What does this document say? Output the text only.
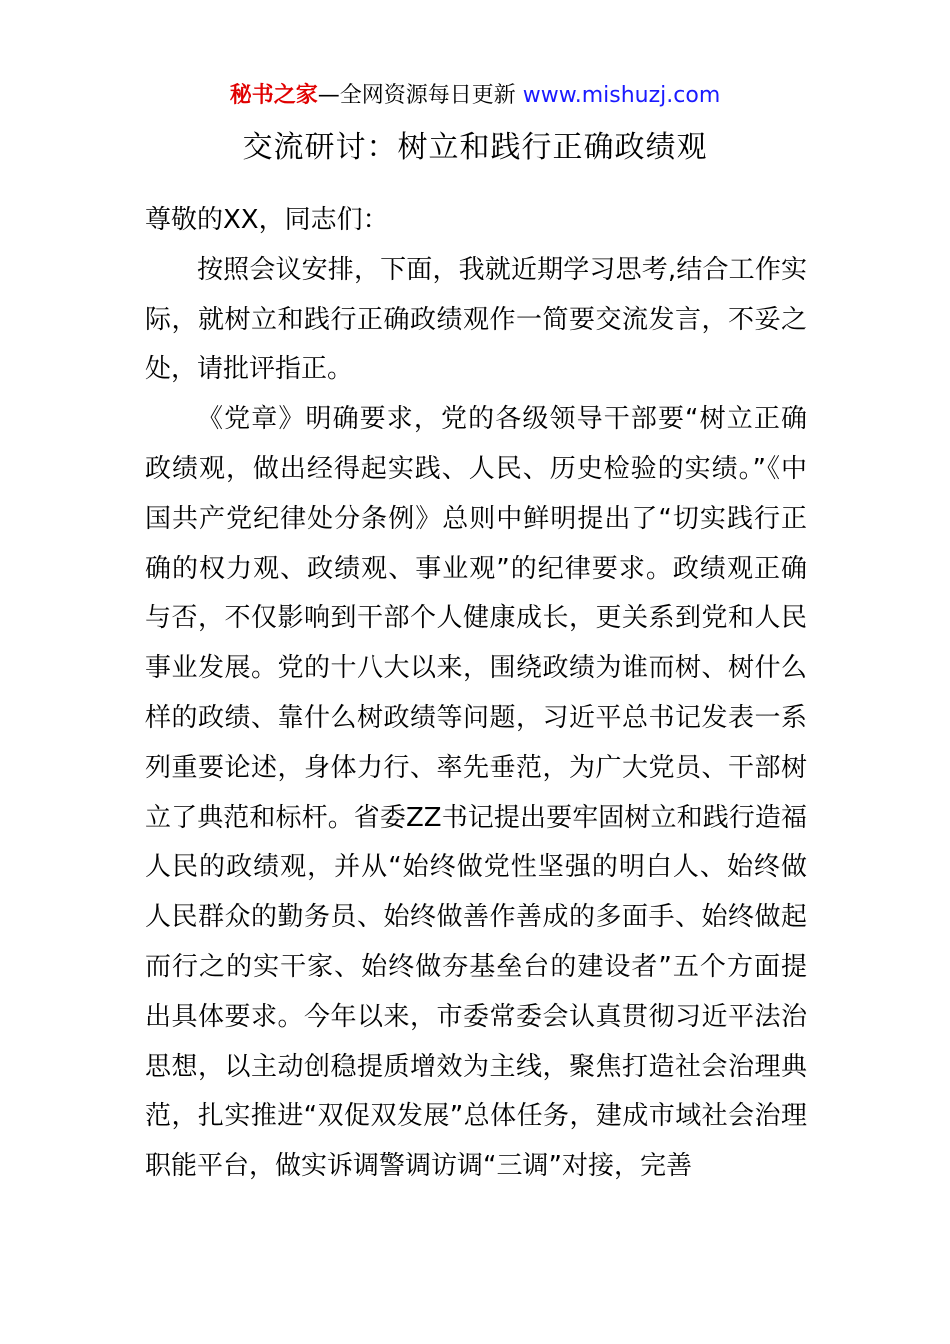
秘书之家—全网资源每日更新 www.mishuzj.com
交流研讨：树立和践行正确政绩观

尊敬的XX，同志们：

按照会议安排，下面，我就近期学习思考,结合工作实际，就树立和践行正确政绩观作一简要交流发言，不妥之处，请批评指正。

《党章》明确要求，党的各级领导干部要“树立正确政绩观，做出经得起实践、人民、历史检验的实绩。”《中国共产党纪律处分条例》总则中鲜明提出了“切实践行正确的权力观、政绩观、事业观”的纪律要求。政绩观正确与否，不仅影响到干部个人健康成长，更关系到党和人民事业发展。党的十八大以来，围绕政绩为谁而树、树什么样的政绩、靠什么树政绩等问题，习近平总书记发表一系列重要论述，身体力行、率先垂范，为广大党员、干部树立了典范和标杆。省委ZZ书记提出要牢固树立和践行造福人民的政绩观，并从“始终做党性坚强的明白人、始终做人民群众的勤务员、始终做善作善成的多面手、始终做起而行之的实干家、始终做夯基垒台的建设者”五个方面提出具体要求。今年以来，市委常委会认真贯彻习近平法治思想，以主动创稳提质增效为主线，聚焦打造社会治理典范，扎实推进“双促双发展”总体任务，建成市域社会治理职能平台，做实诉调警调访调“三调”对接，完善
